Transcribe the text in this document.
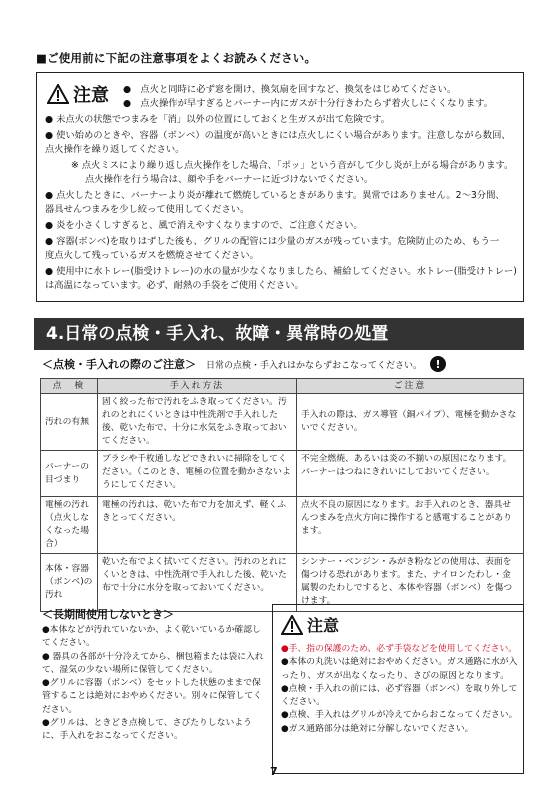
■ご使用前に下記の注意事項をよくお読みください。
注意 ●　点火と同時に必ず窓を開け、換気扇を回すなど、換気をはじめてください。
●　点火操作が早すぎるとバーナー内にガスが十分行きわたらず着火しにくくなります。
● 未点火の状態でつまみを「消」以外の位置にしておくと生ガスが出て危険です。
● 使い始めのときや、容器（ボンベ）の温度が高いときには点火しにくい場合があります。注意しながら数回、
点火操作を繰り返してください。
※ 点火ミスにより繰り返し点火操作をした場合、「ポッ」という音がして少し炎が上がる場合があります。
点火操作を行う場合は、顔や手をバーナーに近づけないでください。
● 点火したときに、バーナーより炎が離れて燃焼しているときがあります。異常ではありません。2〜3分間、
器具せんつまみを少し絞って使用してください。
● 炎を小さくしすぎると、風で消えやすくなりますので、ご注意ください。
● 容器(ボンベ)を取りはずした後も、グリルの配管には少量のガスが残っています。危険防止のため、もう一
度点火して残っているガスを燃焼させてください。
● 使用中に水トレー(脂受けトレー)の水の量が少なくなりましたら、補給してください。水トレー(脂受けトレー)
は高温になっています。必ず、耐熱の手袋をご使用ください。
4.日常の点検・手入れ、故障・異常時の処置
＜点検・手入れの際のご注意＞ 日常の点検・手入れはかならずおこなってください。	!
点　検	手入れ方法	ご注意
汚れの有無	固く絞った布で汚れをふき取ってください。汚れのとれにくいときは中性洗剤で手入れした後、乾いた布で、十分に水気をふき取っておいてください。	手入れの際は、ガス導管（銅パイプ）、電極を動かさないでください。
バーナーの目づまり	ブラシや千枚通しなどできれいに掃除をしてください。（このとき、電極の位置を動かさないようにしてください。	不完全燃焼、あるいは炎の不揃いの原因になります。バーナーはつねにきれいにしておいてください。
電極の汚れ（点火しなくなった場合）	電極の汚れは、乾いた布で力を加えず、軽くふきとってください。	点火不良の原因になります。お手入れのとき、器具せんつまみを点火方向に操作すると感電することがあります。
本体・容器（ボンベ)の汚れ	乾いた布でよく拭いてください。汚れのとれにくいときは、中性洗剤で手入れした後、乾いた布で十分に水分を取っておいてください。	シンナー・ベンジン・みがき粉などの使用は、表面を傷つける恐れがあります。また、ナイロンたわし・金属製のたわしですると、本体や容器（ボンベ）を傷つけます。
＜長期間使用しないとき＞
●本体などが汚れていないか、よく乾いているか確認してください。
● 器具の各部が十分冷えてから、梱包箱または袋に入れて、湿気の少ない場所に保管してください。
●グリルに容器（ボンベ）をセットした状態のままで保管することは絶対におやめください。別々に保管してください。
●グリルは、ときどき点検して、さびたりしないように、手入れをおこなってください。
注意
●手、指の保護のため、必ず手袋などを使用してください。
●本体の丸洗いは絶対におやめください。ガス通路に水が入ったり、ガスが出なくなったり、さびの原因となります。
●点検・手入れの前には、必ず容器（ボンベ）を取り外してください。
●点検、手入れはグリルが冷えてからおこなってください。
●ガス通路部分は絶対に分解しないでください。
7
